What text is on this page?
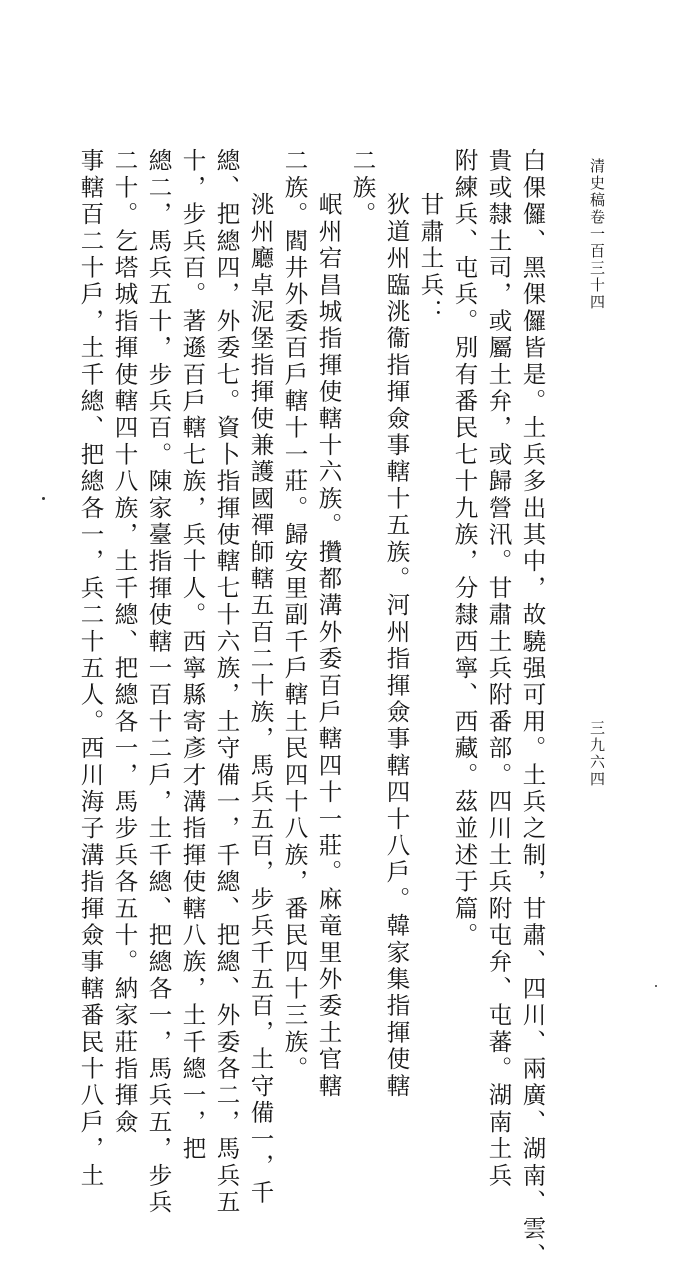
清史稿卷一百三十四
三九六四
白倮儸、黑倮儸皆是。土兵多出其中，故驍强可用。土兵之制，甘肅、四川、兩廣、湖南、雲、
貴或隸土司，或屬土弁，或歸營汛。甘肅土兵附番部。四川土兵附屯弁、屯蕃。湖南土兵
附練兵、屯兵。別有番民七十九族，分隸西寧、西藏。茲並述于篇。
甘肅土兵：
狄道州臨洮衞指揮僉事轄十五族。河州指揮僉事轄四十八戶。韓家集指揮使轄
二族。
岷州宕昌城指揮使轄十六族。攢都溝外委百戶轄四十一莊。麻竜里外委土官轄
二族。閻井外委百戶轄十一莊。歸安里副千戶轄土民四十八族，番民四十三族。
洮州廳卓泥堡指揮使兼護國禪師轄五百二十族，馬兵五百，步兵千五百，土守備一，千
總、把總四，外委七。資卜指揮使轄七十六族，土守備一，千總、把總、外委各二，馬兵五
十，步兵百。著遜百戶轄七族，兵十人。西寧縣寄彥才溝指揮使轄八族，土千總一，把
總二，馬兵五十，步兵百。陳家臺指揮使轄一百十二戶，土千總、把總各一，馬兵五，步兵
二十。乞塔城指揮使轄四十八族，土千總、把總各一，馬步兵各五十。納家莊指揮僉
事轄百二十戶，土千總、把總各一，兵二十五人。西川海子溝指揮僉事轄番民十八戶，土
